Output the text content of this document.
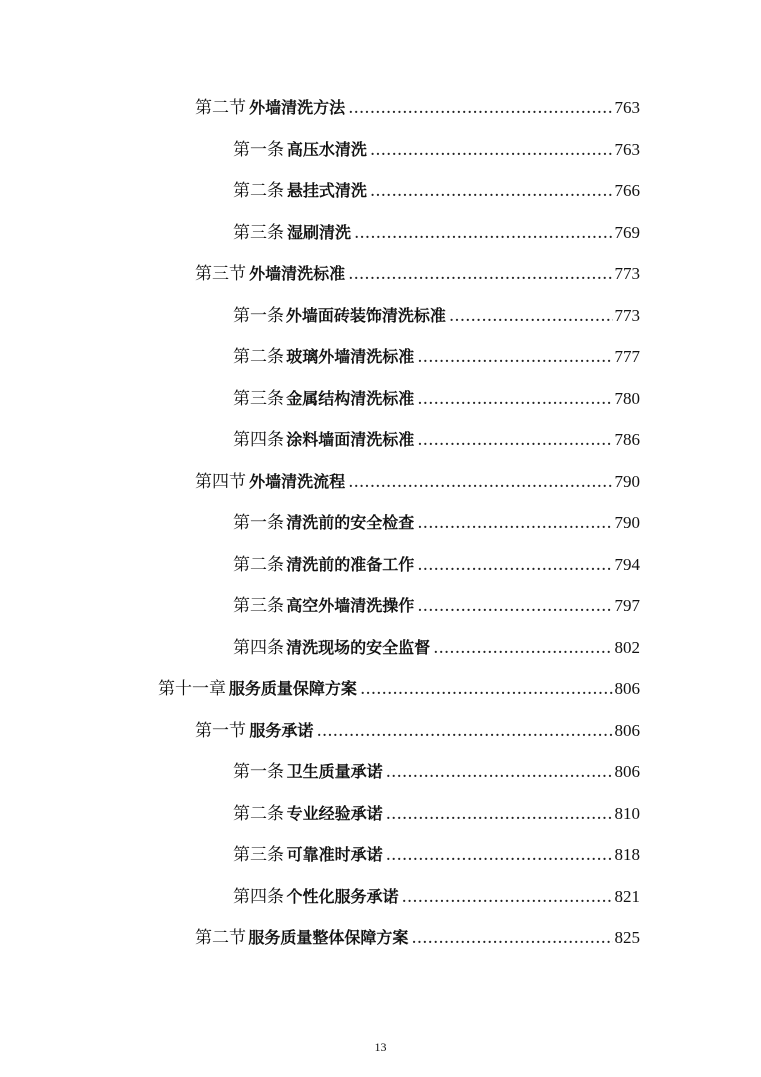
第二节 外墙清洗方法 .....	763
第一条 高压水清洗 .....	763
第二条 悬挂式清洗 .....	766
第三条 湿刷清洗 .....	769
第三节 外墙清洗标准 .....	773
第一条 外墙面砖装饰清洗标准 .....	773
第二条 玻璃外墙清洗标准 .....	777
第三条 金属结构清洗标准 .....	780
第四条 涂料墙面清洗标准 .....	786
第四节 外墙清洗流程 .....	790
第一条 清洗前的安全检查 .....	790
第二条 清洗前的准备工作 .....	794
第三条 高空外墙清洗操作 .....	797
第四条 清洗现场的安全监督 .....	802
第十一章 服务质量保障方案 .....	806
第一节 服务承诺 .....	806
第一条 卫生质量承诺 .....	806
第二条 专业经验承诺 .....	810
第三条 可靠准时承诺 .....	818
第四条 个性化服务承诺 .....	821
第二节 服务质量整体保障方案 .....	825
13
